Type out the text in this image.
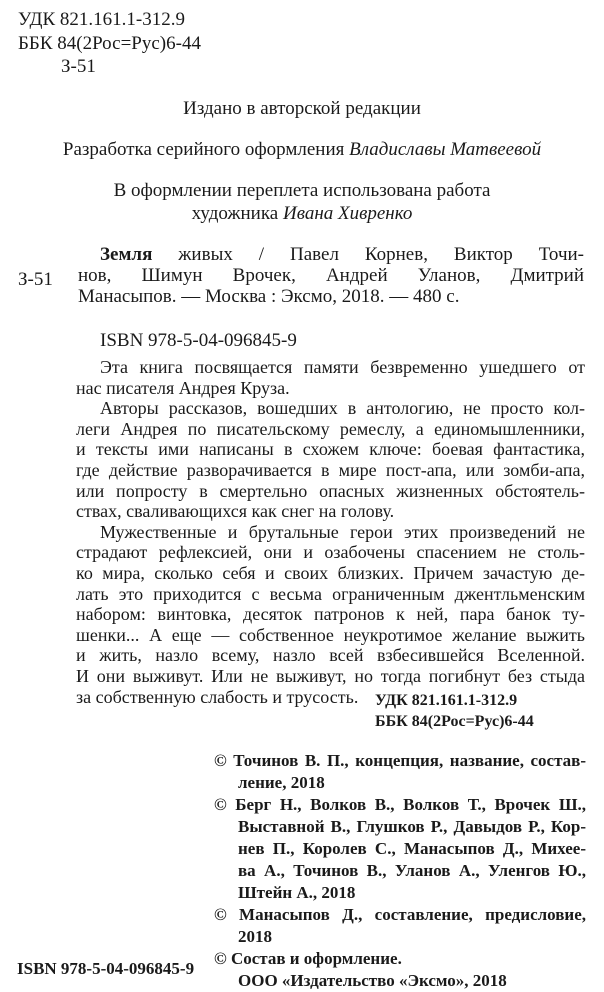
УДК 821.161.1-312.9
ББК 84(2Рос=Рус)6-44
З-51
Издано в авторской редакции
Разработка серийного оформления Владиславы Матвеевой
В оформлении переплета использована работа
художника Ивана Хивренко
З-51
Земля живых / Павел Корнев, Виктор Точи-
нов, Шимун Врочек, Андрей Уланов, Дмитрий
Манасыпов. — Москва : Эксмо, 2018. — 480 с.
ISBN 978-5-04-096845-9
Эта книга посвящается памяти безвременно ушедшего от
нас писателя Андрея Круза.
Авторы рассказов, вошедших в антологию, не просто кол-
леги Андрея по писательскому ремеслу, а единомышленники,
и тексты ими написаны в схожем ключе: боевая фантастика,
где действие разворачивается в мире пост-апа, или зомби-апа,
или попросту в смертельно опасных жизненных обстоятель-
ствах, сваливающихся как снег на голову.
Мужественные и брутальные герои этих произведений не
страдают рефлексией, они и озабочены спасением не столь-
ко мира, сколько себя и своих близких. Причем зачастую де-
лать это приходится с весьма ограниченным джентльменским
набором: винтовка, десяток патронов к ней, пара банок ту-
шенки... А еще — собственное неукротимое желание выжить
и жить, назло всему, назло всей взбесившейся Вселенной.
И они выживут. Или не выживут, но тогда погибнут без стыда
за собственную слабость и трусость.	УДК 821.161.1-312.9
ББК 84(2Рос=Рус)6-44
© Точинов В. П., концепция, название, состав-
ление, 2018
© Берг Н., Волков В., Волков Т., Врочек Ш.,
Выставной В., Глушков Р., Давыдов Р., Кор-
нев П., Королев С., Манасыпов Д., Михее-
ва А., Точинов В., Уланов А., Уленгов Ю.,
Штейн А., 2018
© Манасыпов Д., составление, предисловие,
2018
© Состав и оформление.
ООО «Издательство «Эксмо», 2018
ISBN 978-5-04-096845-9
